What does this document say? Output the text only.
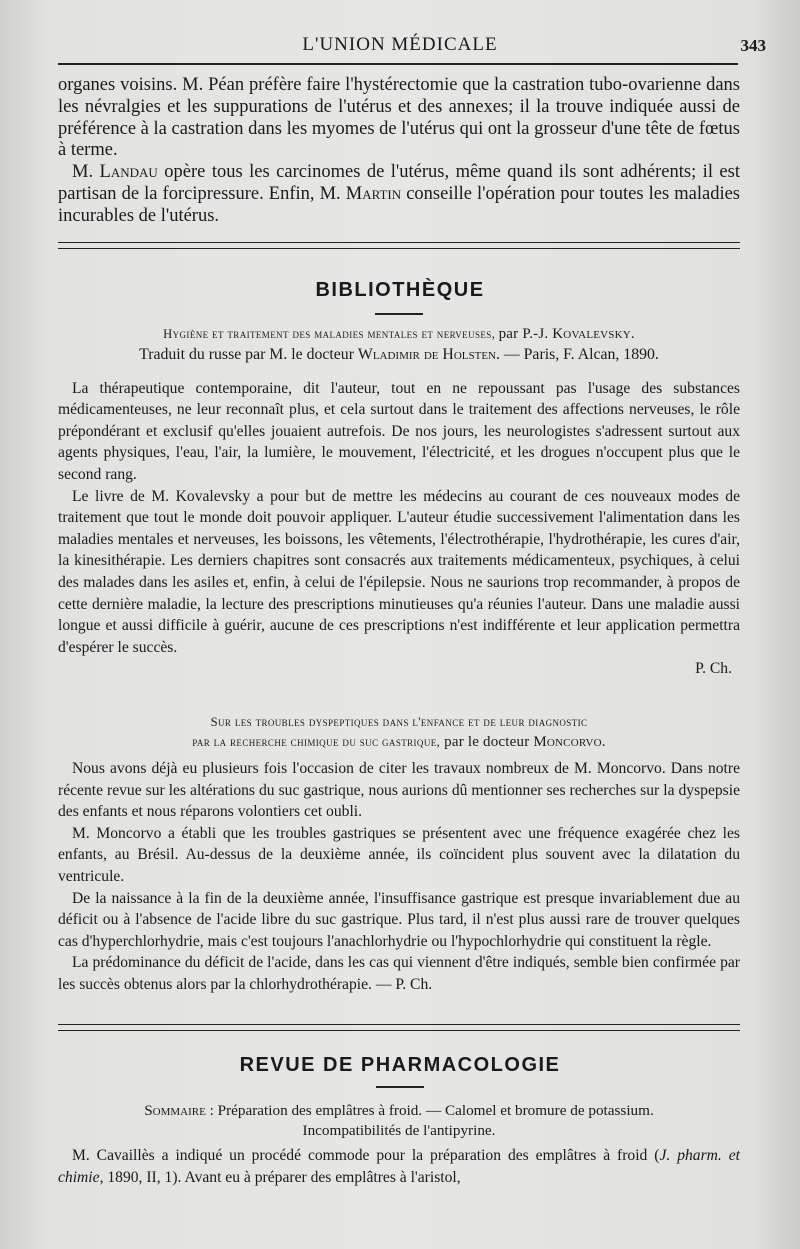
L'UNION MÉDICALE	343

organes voisins. M. Péan préfère faire l'hystérectomie que la castration tubo-ovarienne dans les névralgies et les suppurations de l'utérus et des annexes; il la trouve indiquée aussi de préférence à la castration dans les myomes de l'utérus qui ont la grosseur d'une tête de fœtus à terme.

M. Landau opère tous les carcinomes de l'utérus, même quand ils sont adhérents; il est partisan de la forcipressure. Enfin, M. Martin conseille l'opération pour toutes les maladies incurables de l'utérus.

BIBLIOTHÈQUE

Hygiène et traitement des maladies mentales et nerveuses, par P.-J. Kovalevsky.

Traduit du russe par M. le docteur Wladimir de Holsten. — Paris, F. Alcan, 1890.

La thérapeutique contemporaine, dit l'auteur, tout en ne repoussant pas l'usage des substances médicamenteuses, ne leur reconnaît plus, et cela surtout dans le traitement des affections nerveuses, le rôle prépondérant et exclusif qu'elles jouaient autrefois. De nos jours, les neurologistes s'adressent surtout aux agents physiques, l'eau, l'air, la lumière, le mouvement, l'électricité, et les drogues n'occupent plus que le second rang.

Le livre de M. Kovalevsky a pour but de mettre les médecins au courant de ces nouveaux modes de traitement que tout le monde doit pouvoir appliquer. L'auteur étudie successivement l'alimentation dans les maladies mentales et nerveuses, les boissons, les vêtements, l'électrothérapie, l'hydrothérapie, les cures d'air, la kinesithérapie. Les derniers chapitres sont consacrés aux traitements médicamenteux, psychiques, à celui des malades dans les asiles et, enfin, à celui de l'épilepsie. Nous ne saurions trop recommander, à propos de cette dernière maladie, la lecture des prescriptions minutieuses qu'a réunies l'auteur. Dans une maladie aussi longue et aussi difficile à guérir, aucune de ces prescriptions n'est indifférente et leur application permettra d'espérer le succès.

P. Ch.

Sur les troubles dyspeptiques dans l'enfance et de leur diagnostic

par la recherche chimique du suc gastrique, par le docteur Moncorvo.

Nous avons déjà eu plusieurs fois l'occasion de citer les travaux nombreux de M. Moncorvo. Dans notre récente revue sur les altérations du suc gastrique, nous aurions dû mentionner ses recherches sur la dyspepsie des enfants et nous réparons volontiers cet oubli.

M. Moncorvo a établi que les troubles gastriques se présentent avec une fréquence exagérée chez les enfants, au Brésil. Au-dessus de la deuxième année, ils coïncident plus souvent avec la dilatation du ventricule.

De la naissance à la fin de la deuxième année, l'insuffisance gastrique est presque invariablement due au déficit ou à l'absence de l'acide libre du suc gastrique. Plus tard, il n'est plus aussi rare de trouver quelques cas d'hyperchlorhydrie, mais c'est toujours l'anachlorhydrie ou l'hypochlorhydrie qui constituent la règle.

La prédominance du déficit de l'acide, dans les cas qui viennent d'être indiqués, semble bien confirmée par les succès obtenus alors par la chlorhydrothérapie. — P. Ch.

REVUE DE PHARMACOLOGIE

Sommaire : Préparation des emplâtres à froid. — Calomel et bromure de potassium.

Incompatibilités de l'antipyrine.

M. Cavaillès a indiqué un procédé commode pour la préparation des emplâtres à froid (J. pharm. et chimie, 1890, II, 1). Avant eu à préparer des emplâtres à l'aristol,
